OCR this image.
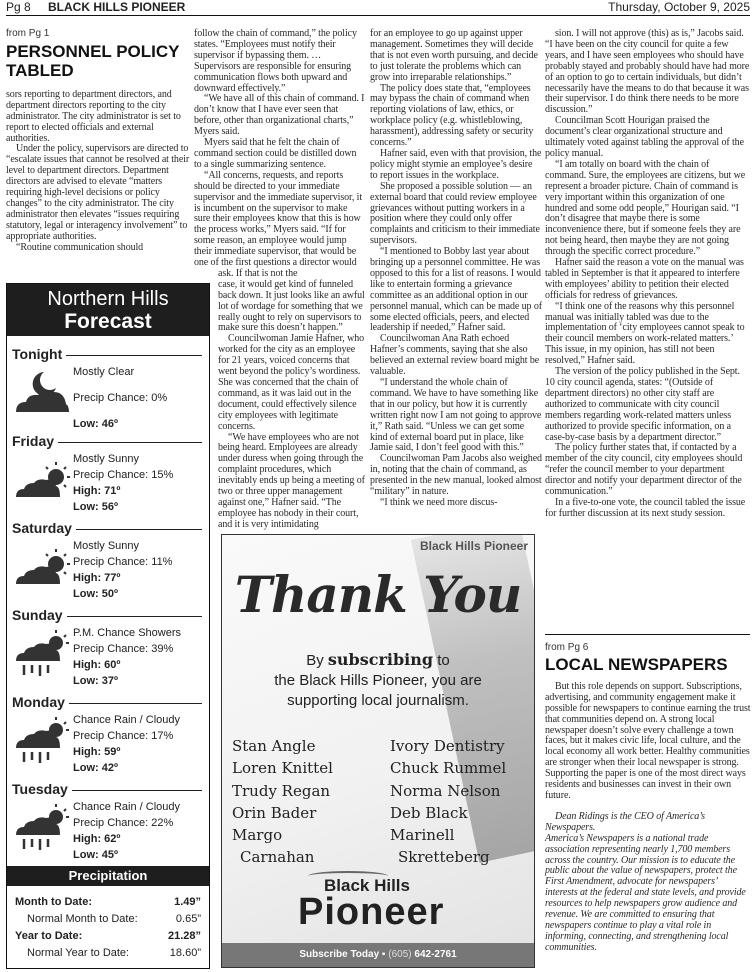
Pg 8 BLACK HILLS PIONEER	Thursday, October 9, 2025
from Pg 1
PERSONNEL POLICY TABLED

sors reporting to department directors, and department directors reporting to the city administrator. The city administrator is set to report to elected officials and external authorities.

Under the policy, supervisors are directed to “escalate issues that cannot be resolved at their level to department directors. Department directors are advised to elevate “matters requiring high-level decisions or policy changes” to the city administrator. The city administrator then elevates “issues requiring statutory, legal or interagency involvement” to appropriate authorities.

“Routine communication should

follow the chain of command,” the policy states. “Employees must notify their supervisor if bypassing them. … Supervisors are responsible for ensuring communication flows both upward and downward effectively.”

“We have all of this chain of command. I don’t know that I have ever seen that before, other than organizational charts,” Myers said.

Myers said that he felt the chain of command section could be distilled down to a single summarizing sentence.

“All concerns, requests, and reports should be directed to your immediate supervisor and the immediate supervisor, it is incumbent on the supervisor to make sure their employees know that this is how the process works,” Myers said. “If for some reason, an employee would jump their immediate supervisor, that would be one of the first questions a director would ask. If that is not the

case, it would get kind of funneled back down. It just looks like an awful lot of wordage for something that we really ought to rely on supervisors to make sure this doesn’t happen.”

Councilwoman Jamie Hafner, who worked for the city as an employee for 21 years, voiced concerns that went beyond the policy’s wordiness. She was concerned that the chain of command, as it was laid out in the document, could effectively silence city employees with legitimate concerns.

“We have employees who are not being heard. Employees are already under duress when going through the complaint procedures, which inevitably ends up being a meeting of two or three upper management against one,” Hafner said. “The employee has nobody in their court, and it is very intimidating

for an employee to go up against upper management. Sometimes they will decide that is not even worth pursuing, and decide to just tolerate the problems which can grow into irreparable relationships.”

The policy does state that, “employees may bypass the chain of command when reporting violations of law, ethics, or workplace policy (e.g. whistleblowing, harassment), addressing safety or security concerns.”

Hafner said, even with that provision, the policy might stymie an employee’s desire to report issues in the workplace.

She proposed a possible solution — an external board that could review employee grievances without putting workers in a position where they could only offer complaints and criticism to their immediate supervisors.

“I mentioned to Bobby last year about bringing up a personnel committee. He was opposed to this for a list of reasons. I would like to entertain forming a grievance committee as an additional option in our personnel manual, which can be made up of some elected officials, peers, and elected leadership if needed,” Hafner said.

Councilwoman Ana Rath echoed Hafner’s comments, saying that she also believed an external review board might be valuable.

“I understand the whole chain of command. We have to have something like that in our policy, but how it is currently written right now I am not going to approve it,” Rath said. “Unless we can get some kind of external board put in place, like Jamie said, I don’t feel good with this.”

Councilwoman Pam Jacobs also weighed in, noting that the chain of command, as presented in the new manual, looked almost “military” in nature.

“I think we need more discus-

sion. I will not approve (this) as is,” Jacobs said. “I have been on the city council for quite a few years, and I have seen employees who should have probably stayed and probably should have had more of an option to go to certain individuals, but didn’t necessarily have the means to do that because it was their supervisor. I do think there needs to be more discussion.”

Councilman Scott Hourigan praised the document’s clear organizational structure and ultimately voted against tabling the approval of the policy manual.

“I am totally on board with the chain of command. Sure, the employees are citizens, but we represent a broader picture. Chain of command is very important within this organization of one hundred and some odd people,” Hourigan said. “I don’t disagree that maybe there is some inconvenience there, but if someone feels they are not being heard, then maybe they are not going through the specific correct procedure.”

Hafner said the reason a vote on the manual was tabled in September is that it appeared to interfere with employees’ ability to petition their elected officials for redress of grievances.

“I think one of the reasons why this personnel manual was initially tabled was due to the implementation of ‘city employees cannot speak to their council members on work-related matters.’ This issue, in my opinion, has still not been resolved,” Hafner said.

The version of the policy published in the Sept. 10 city council agenda, states: “(Outside of department directors) no other city staff are authorized to communicate with city council members regarding work-related matters unless authorized to provide specific information, on a case-by-case basis by a department director.”

The policy further states that, if contacted by a member of the city council, city employees should “refer the council member to your department director and notify your department director of the communication.”

In a five-to-one vote, the council tabled the issue for further discussion at its next study session.

Northern Hills
Forecast
Tonight
Mostly Clear
Precip Chance: 0%
Low: 46º
Friday
Mostly Sunny
Precip Chance: 15%
High: 71º
Low: 56º
Saturday
Mostly Sunny
Precip Chance: 11%
High: 77º
Low: 50º
Sunday
P.M. Chance Showers
Precip Chance: 39%
High: 60º
Low: 37º
Monday
Chance Rain / Cloudy
Precip Chance: 17%
High: 59º
Low: 42º
Tuesday
Chance Rain / Cloudy
Precip Chance: 22%
High: 62º
Low: 45º
Precipitation
Month to Date:	1.49”
Normal Month to Date:	0.65”
Year to Date:	21.28”
Normal Year to Date:	18.60”
Black Hills Pioneer
Thank You
By subscribing to
the Black Hills Pioneer, you are
supporting local journalism.
Stan Angle
Loren Knittel
Trudy Regan
Orin Bader
Margo
Carnahan
Ivory Dentistry
Chuck Rummel
Norma Nelson
Deb Black
Marinell
Skretteberg
Black Hills
Pioneer
Subscribe Today ▪ (605) 642-2761
from Pg 6
LOCAL NEWSPAPERS

But this role depends on support. Subscriptions, advertising, and community engagement make it possible for newspapers to continue earning the trust that communities depend on. A strong local newspaper doesn’t solve every challenge a town faces, but it makes civic life, local culture, and the local economy all work better. Healthy communities are stronger when their local newspaper is strong. Supporting the paper is one of the most direct ways residents and businesses can invest in their own future.

Dean Ridings is the CEO of America’s Newspapers.

America’s Newspapers is a national trade association representing nearly 1,700 members across the country. Our mission is to educate the public about the value of newspapers, protect the First Amendment, advocate for newspapers’ interests at the federal and state levels, and provide resources to help newspapers grow audience and revenue. We are committed to ensuring that newspapers continue to play a vital role in informing, connecting, and strengthening local communities.
